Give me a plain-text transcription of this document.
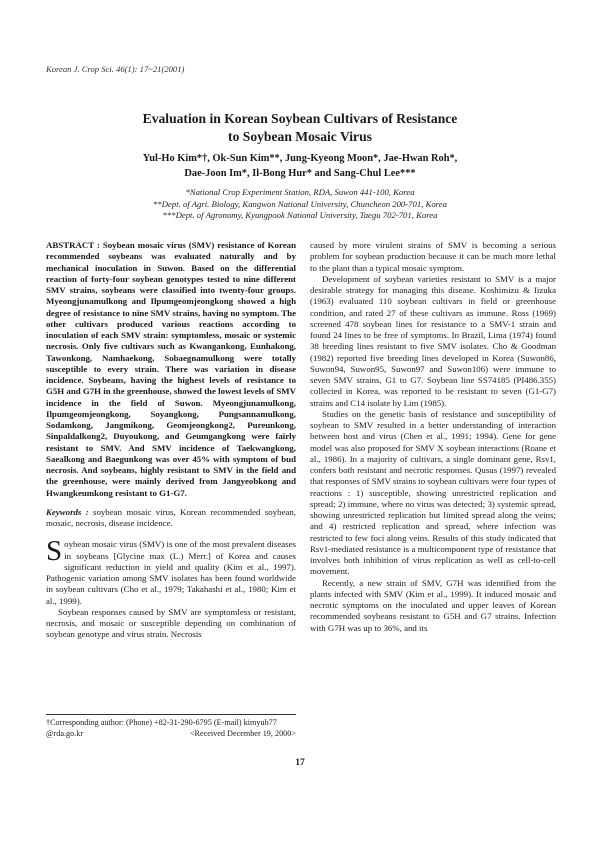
Korean J. Crop Sci. 46(1): 17~21(2001)
Evaluation in Korean Soybean Cultivars of Resistance
to Soybean Mosaic Virus
Yul-Ho Kim*†, Ok-Sun Kim**, Jung-Kyeong Moon*, Jae-Hwan Roh*,
Dae-Joon Im*, Il-Bong Hur* and Sang-Chul Lee***
*National Crop Experiment Station, RDA, Suwon 441-100, Korea
**Dept. of Agri. Biology, Kangwon National University, Chuncheon 200-701, Korea
***Dept. of Agronomy, Kyungpook National University, Taegu 702-701, Korea

ABSTRACT : Soybean mosaic virus (SMV) resistance of Korean recommended soybeans was evaluated naturally and by mechanical inoculation in Suwon. Based on the differential reaction of forty-four soybean genotypes tested to nine different SMV strains, soybeans were classified into twenty-four groups. Myeongjunamulkong and Ilpumgeomjeongkong showed a high degree of resistance to nine SMV strains, having no symptom. The other cultivars produced various reactions according to inoculation of each SMV strain: symptomless, mosaic or systemic necrosis. Only five cultivars such as Kwangankong, Eunhakong, Tawonkong, Namhaekong, Sobaegnamulkong were totally susceptible to every strain. There was variation in disease incidence. Soybeans, having the highest levels of resistance to G5H and G7H in the greenhouse, showed the lowest levels of SMV incidence in the field of Suwon. Myeongjunamulkong, Ilpumgeomjeongkong, Soyangkong, Pungsannamulkong, Sodamkong, Jangmikong, Geomjeongkong2, Pureunkong, Sinpaldalkong2, Duyoukong, and Geumgangkong were fairly resistant to SMV. And SMV incidence of Taekwangkong, Saealkong and Baegunkong was over 45% with symptom of bud necrosis. And soybeans, highly resistant to SMV in the field and the greenhouse, were mainly derived from Jangyeobkong and Hwangkeumkong resistant to G1-G7.

Keywords : soybean mosaic virus, Korean recommended soybean, mosaic, necrosis, disease incidence.

Soybean mosaic virus (SMV) is one of the most prevalent diseases in soybeans [Glycine max (L.) Merr.] of Korea and causes significant reduction in yield and quality (Kim et al., 1997). Pathogenic variation among SMV isolates has been found worldwide in soybean cultivars (Cho et al., 1979; Takahashi et al., 1980; Kim et al., 1999).

Soybean responses caused by SMV are symptomless or resistant, necrosis, and mosaic or susceptible depending on combination of soybean genotype and virus strain. Necrosis

caused by more virulent strains of SMV is becoming a serious problem for soybean production because it can be much more lethal to the plant than a typical mosaic symptom.

Development of soybean varieties resistant to SMV is a major desirable strategy for managing this disease. Koshimizu & Iizuka (1963) evaluated 110 soybean cultivars in field or greenhouse condition, and rated 27 of these cultivars as immune. Ross (1969) screened 478 soybean lines for resistance to a SMV-1 strain and found 24 lines to be free of symptoms. In Brazil, Lima (1974) found 38 breeding lines resistant to five SMV isolates. Cho & Goodman (1982) reported five breeding lines developed in Korea (Suwon86, Suwon94, Suwon95, Suwon97 and Suwon106) were immune to seven SMV strains, G1 to G7. Soybean line SS74185 (PI486.355) collected in Korea, was reported to be resistant to seven (G1-G7) strains and C14 isolate by Lim (1985).

Studies on the genetic basis of resistance and susceptibility of soybean to SMV resulted in a better understanding of interaction between host and virus (Chen et al., 1991; 1994). Gene for gene model was also proposed for SMV X soybean interactions (Roane et al., 1986). In a majority of cultivars, a single dominant gene, Rsv1, confers both resistant and necrotic responses. Qusus (1997) revealed that responses of SMV strains to soybean cultivars were four types of reactions : 1) susceptible, showing unrestricted replication and spread; 2) immune, where no virus was detected; 3) systemic spread, showing unrestricted replication but limited spread along the veins; and 4) restricted replication and spread, where infection was restricted to few foci along veins. Results of this study indicated that Rsv1-mediated resistance is a multicomponent type of resistance that involves both inhibition of virus replication as well as cell-to-cell movement.

Recently, a new strain of SMV, G7H was identified from the plants infected with SMV (Kim et al., 1999). It induced mosaic and necrotic symptoms on the inoculated and upper leaves of Korean recommended soybeans resistant to G5H and G7 strains. Infection with G7H was up to 36%, and its

†Corresponding author: (Phone) +82-31-290-6795 (E-mail) kimyuh77
@rda.go.kr	<Received December 19, 2000>
17
